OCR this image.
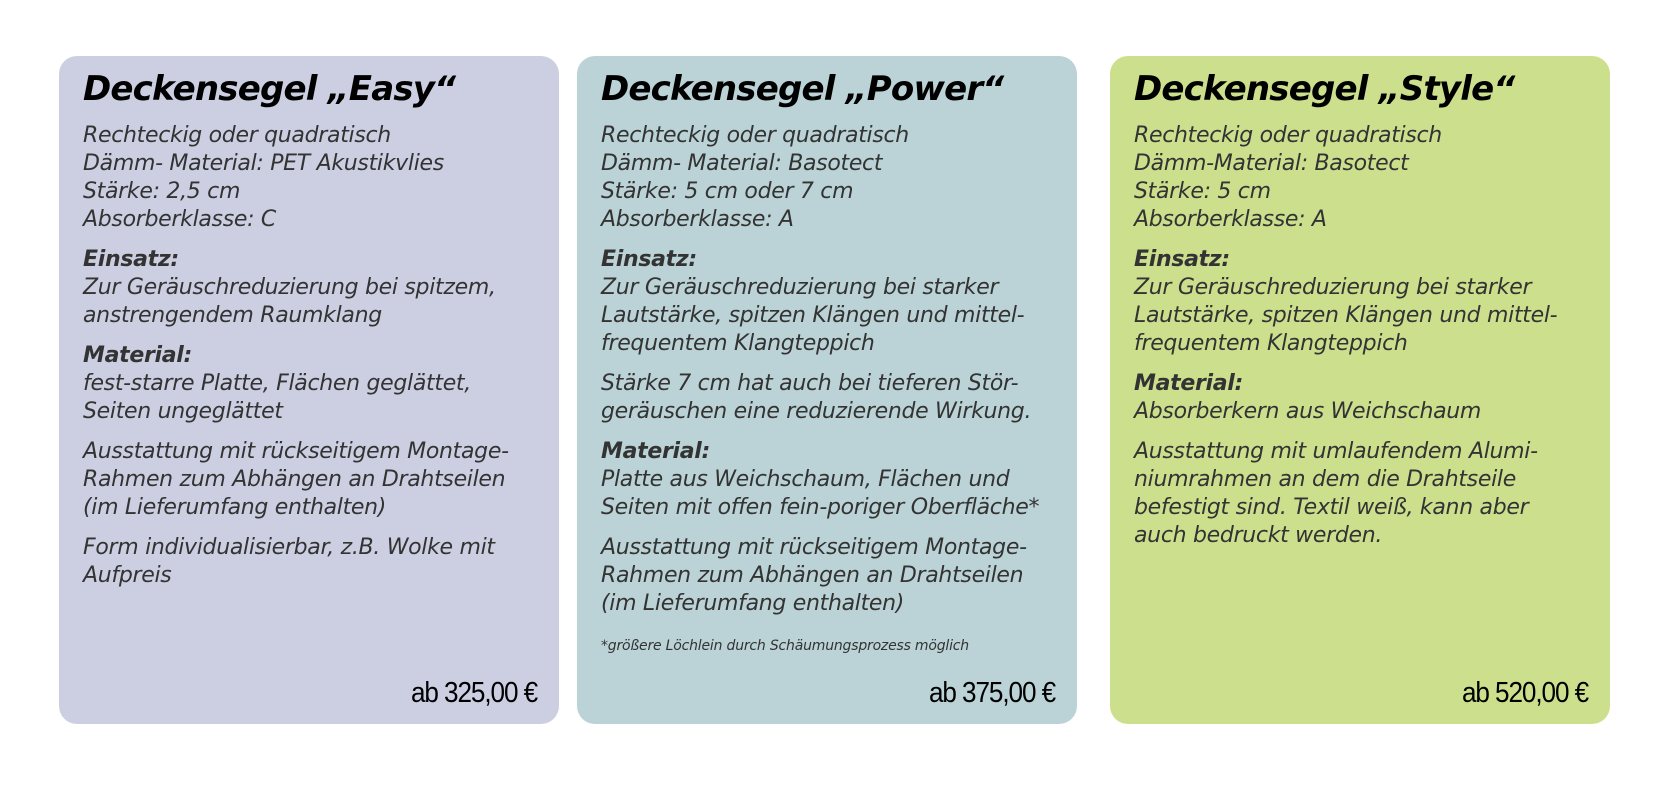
Deckensegel „Easy“
Rechteckig oder quadratisch
Dämm- Material: PET Akustikvlies
Stärke: 2,5 cm
Absorberklasse: C
Einsatz:
Zur Geräuschreduzierung bei spitzem,
anstrengendem Raumklang
Material:
fest-starre Platte, Flächen geglättet,
Seiten ungeglättet
Ausstattung mit rückseitigem Montage-
Rahmen zum Abhängen an Drahtseilen
(im Lieferumfang enthalten)
Form individualisierbar, z.B. Wolke mit
Aufpreis
ab 325,00 €
Deckensegel „Power“
Rechteckig oder quadratisch
Dämm- Material: Basotect
Stärke: 5 cm oder 7 cm
Absorberklasse: A
Einsatz:
Zur Geräuschreduzierung bei starker
Lautstärke, spitzen Klängen und mittel-
frequentem Klangteppich
Stärke 7 cm hat auch bei tieferen Stör-
geräuschen eine reduzierende Wirkung.
Material:
Platte aus Weichschaum, Flächen und
Seiten mit offen fein-poriger Oberfläche*
Ausstattung mit rückseitigem Montage-
Rahmen zum Abhängen an Drahtseilen
(im Lieferumfang enthalten)
*größere Löchlein durch Schäumungsprozess möglich
ab 375,00 €
Deckensegel „Style“
Rechteckig oder quadratisch
Dämm-Material: Basotect
Stärke: 5 cm
Absorberklasse: A
Einsatz:
Zur Geräuschreduzierung bei starker
Lautstärke, spitzen Klängen und mittel-
frequentem Klangteppich
Material:
Absorberkern aus Weichschaum
Ausstattung mit umlaufendem Alumi-
niumrahmen an dem die Drahtseile
befestigt sind. Textil weiß, kann aber
auch bedruckt werden.
ab 520,00 €
